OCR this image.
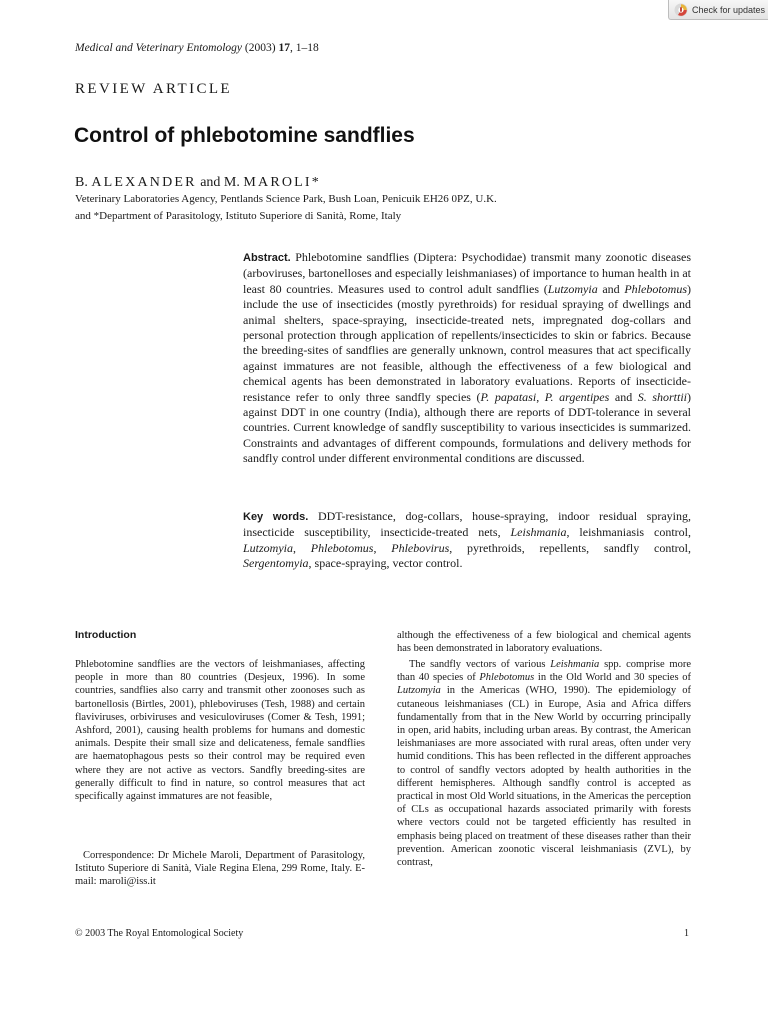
Check for updates
Medical and Veterinary Entomology (2003) 17, 1–18
REVIEW ARTICLE
Control of phlebotomine sandflies
B. ALEXANDER and M. MAROLI*
Veterinary Laboratories Agency, Pentlands Science Park, Bush Loan, Penicuik EH26 0PZ, U.K.
and *Department of Parasitology, Istituto Superiore di Sanità, Rome, Italy

Abstract. Phlebotomine sandflies (Diptera: Psychodidae) transmit many zoonotic diseases (arboviruses, bartonelloses and especially leishmaniases) of importance to human health in at least 80 countries. Measures used to control adult sandflies (Lutzomyia and Phlebotomus) include the use of insecticides (mostly pyrethroids) for residual spraying of dwellings and animal shelters, space-spraying, insecticide-treated nets, impregnated dog-collars and personal protection through application of repellents/insecticides to skin or fabrics. Because the breeding-sites of sandflies are generally unknown, control measures that act specifically against immatures are not feasible, although the effectiveness of a few biological and chemical agents has been demonstrated in laboratory evaluations. Reports of insecticide-resistance refer to only three sandfly species (P. papatasi, P. argentipes and S. shorttii) against DDT in one country (India), although there are reports of DDT-tolerance in several countries. Current knowledge of sandfly susceptibility to various insecticides is summarized. Constraints and advantages of different compounds, formulations and delivery methods for sandfly control under different environmental conditions are discussed.

Key words. DDT-resistance, dog-collars, house-spraying, indoor residual spraying, insecticide susceptibility, insecticide-treated nets, Leishmania, leishmaniasis control, Lutzomyia, Phlebotomus, Phlebovirus, pyrethroids, repellents, sandfly control, Sergentomyia, space-spraying, vector control.

Introduction

Phlebotomine sandflies are the vectors of leishmaniases, affecting people in more than 80 countries (Desjeux, 1996). In some countries, sandflies also carry and transmit other zoonoses such as bartonellosis (Birtles, 2001), phleboviruses (Tesh, 1988) and certain flaviviruses, orbiviruses and vesiculoviruses (Comer & Tesh, 1991; Ashford, 2001), causing health problems for humans and domestic animals. Despite their small size and delicateness, female sandflies are haematophagous pests so their control may be required even where they are not active as vectors. Sandfly breeding-sites are generally difficult to find in nature, so control measures that act specifically against immatures are not feasible,

Correspondence: Dr Michele Maroli, Department of Parasitology, Istituto Superiore di Sanità, Viale Regina Elena, 299 Rome, Italy. E-mail: maroli@iss.it

although the effectiveness of a few biological and chemical agents has been demonstrated in laboratory evaluations.

The sandfly vectors of various Leishmania spp. comprise more than 40 species of Phlebotomus in the Old World and 30 species of Lutzomyia in the Americas (WHO, 1990). The epidemiology of cutaneous leishmaniases (CL) in Europe, Asia and Africa differs fundamentally from that in the New World by occurring principally in open, arid habits, including urban areas. By contrast, the American leishmaniases are more associated with rural areas, often under very humid conditions. This has been reflected in the different approaches to control of sandfly vectors adopted by health authorities in the different hemispheres. Although sandfly control is accepted as practical in most Old World situations, in the Americas the perception of CLs as occupational hazards associated primarily with forests where vectors could not be targeted efficiently has resulted in emphasis being placed on treatment of these diseases rather than their prevention. American zoonotic visceral leishmaniasis (ZVL), by contrast,

© 2003 The Royal Entomological Society	1
